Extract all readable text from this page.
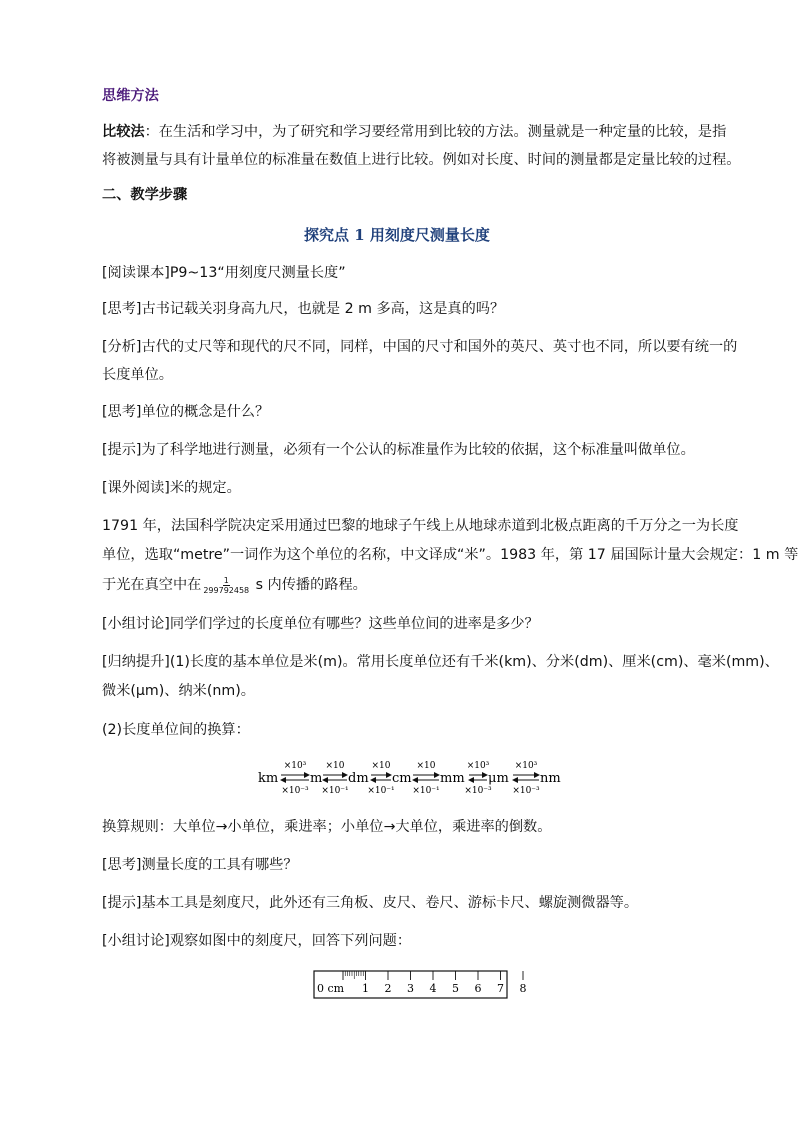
思维方法
比较法：在生活和学习中，为了研究和学习要经常用到比较的方法。测量就是一种定量的比较，是指
将被测量与具有计量单位的标准量在数值上进行比较。例如对长度、时间的测量都是定量比较的过程。
二、教学步骤
探究点 1 用刻度尺测量长度
[阅读课本]P9~13“用刻度尺测量长度”
[思考]古书记载关羽身高九尺，也就是 2 m 多高，这是真的吗？
[分析]古代的丈尺等和现代的尺不同，同样，中国的尺寸和国外的英尺、英寸也不同，所以要有统一的
长度单位。
[思考]单位的概念是什么？
[提示]为了科学地进行测量，必须有一个公认的标准量作为比较的依据，这个标准量叫做单位。
[课外阅读]米的规定。
1791 年，法国科学院决定采用通过巴黎的地球子午线上从地球赤道到北极点距离的千万分之一为长度
单位，选取“metre”一词作为这个单位的名称，中文译成“米”。1983 年，第 17 届国际计量大会规定：1 m 等
于光在真空中在 $\frac{1}{299792458}$ s 内传播的路程。
[小组讨论]同学们学过的长度单位有哪些？这些单位间的进率是多少？
[归纳提升](1)长度的基本单位是米(m)。常用长度单位还有千米(km)、分米(dm)、厘米(cm)、毫米(mm)、
微米(μm)、纳米(nm)。
(2)长度单位间的换算：
km m dm cm mm μm nm
×10³
×10⁻³
×10
×10⁻¹
×10
×10⁻¹
×10
×10⁻¹
×10³
×10⁻³
×10³
×10⁻³
换算规则：大单位→小单位，乘进率；小单位→大单位，乘进率的倒数。
[思考]测量长度的工具有哪些？
[提示]基本工具是刻度尺，此外还有三角板、皮尺、卷尺、游标卡尺、螺旋测微器等。
[小组讨论]观察如图中的刻度尺，回答下列问题：
0 cm 1 2 3 4 5 6 7 8
